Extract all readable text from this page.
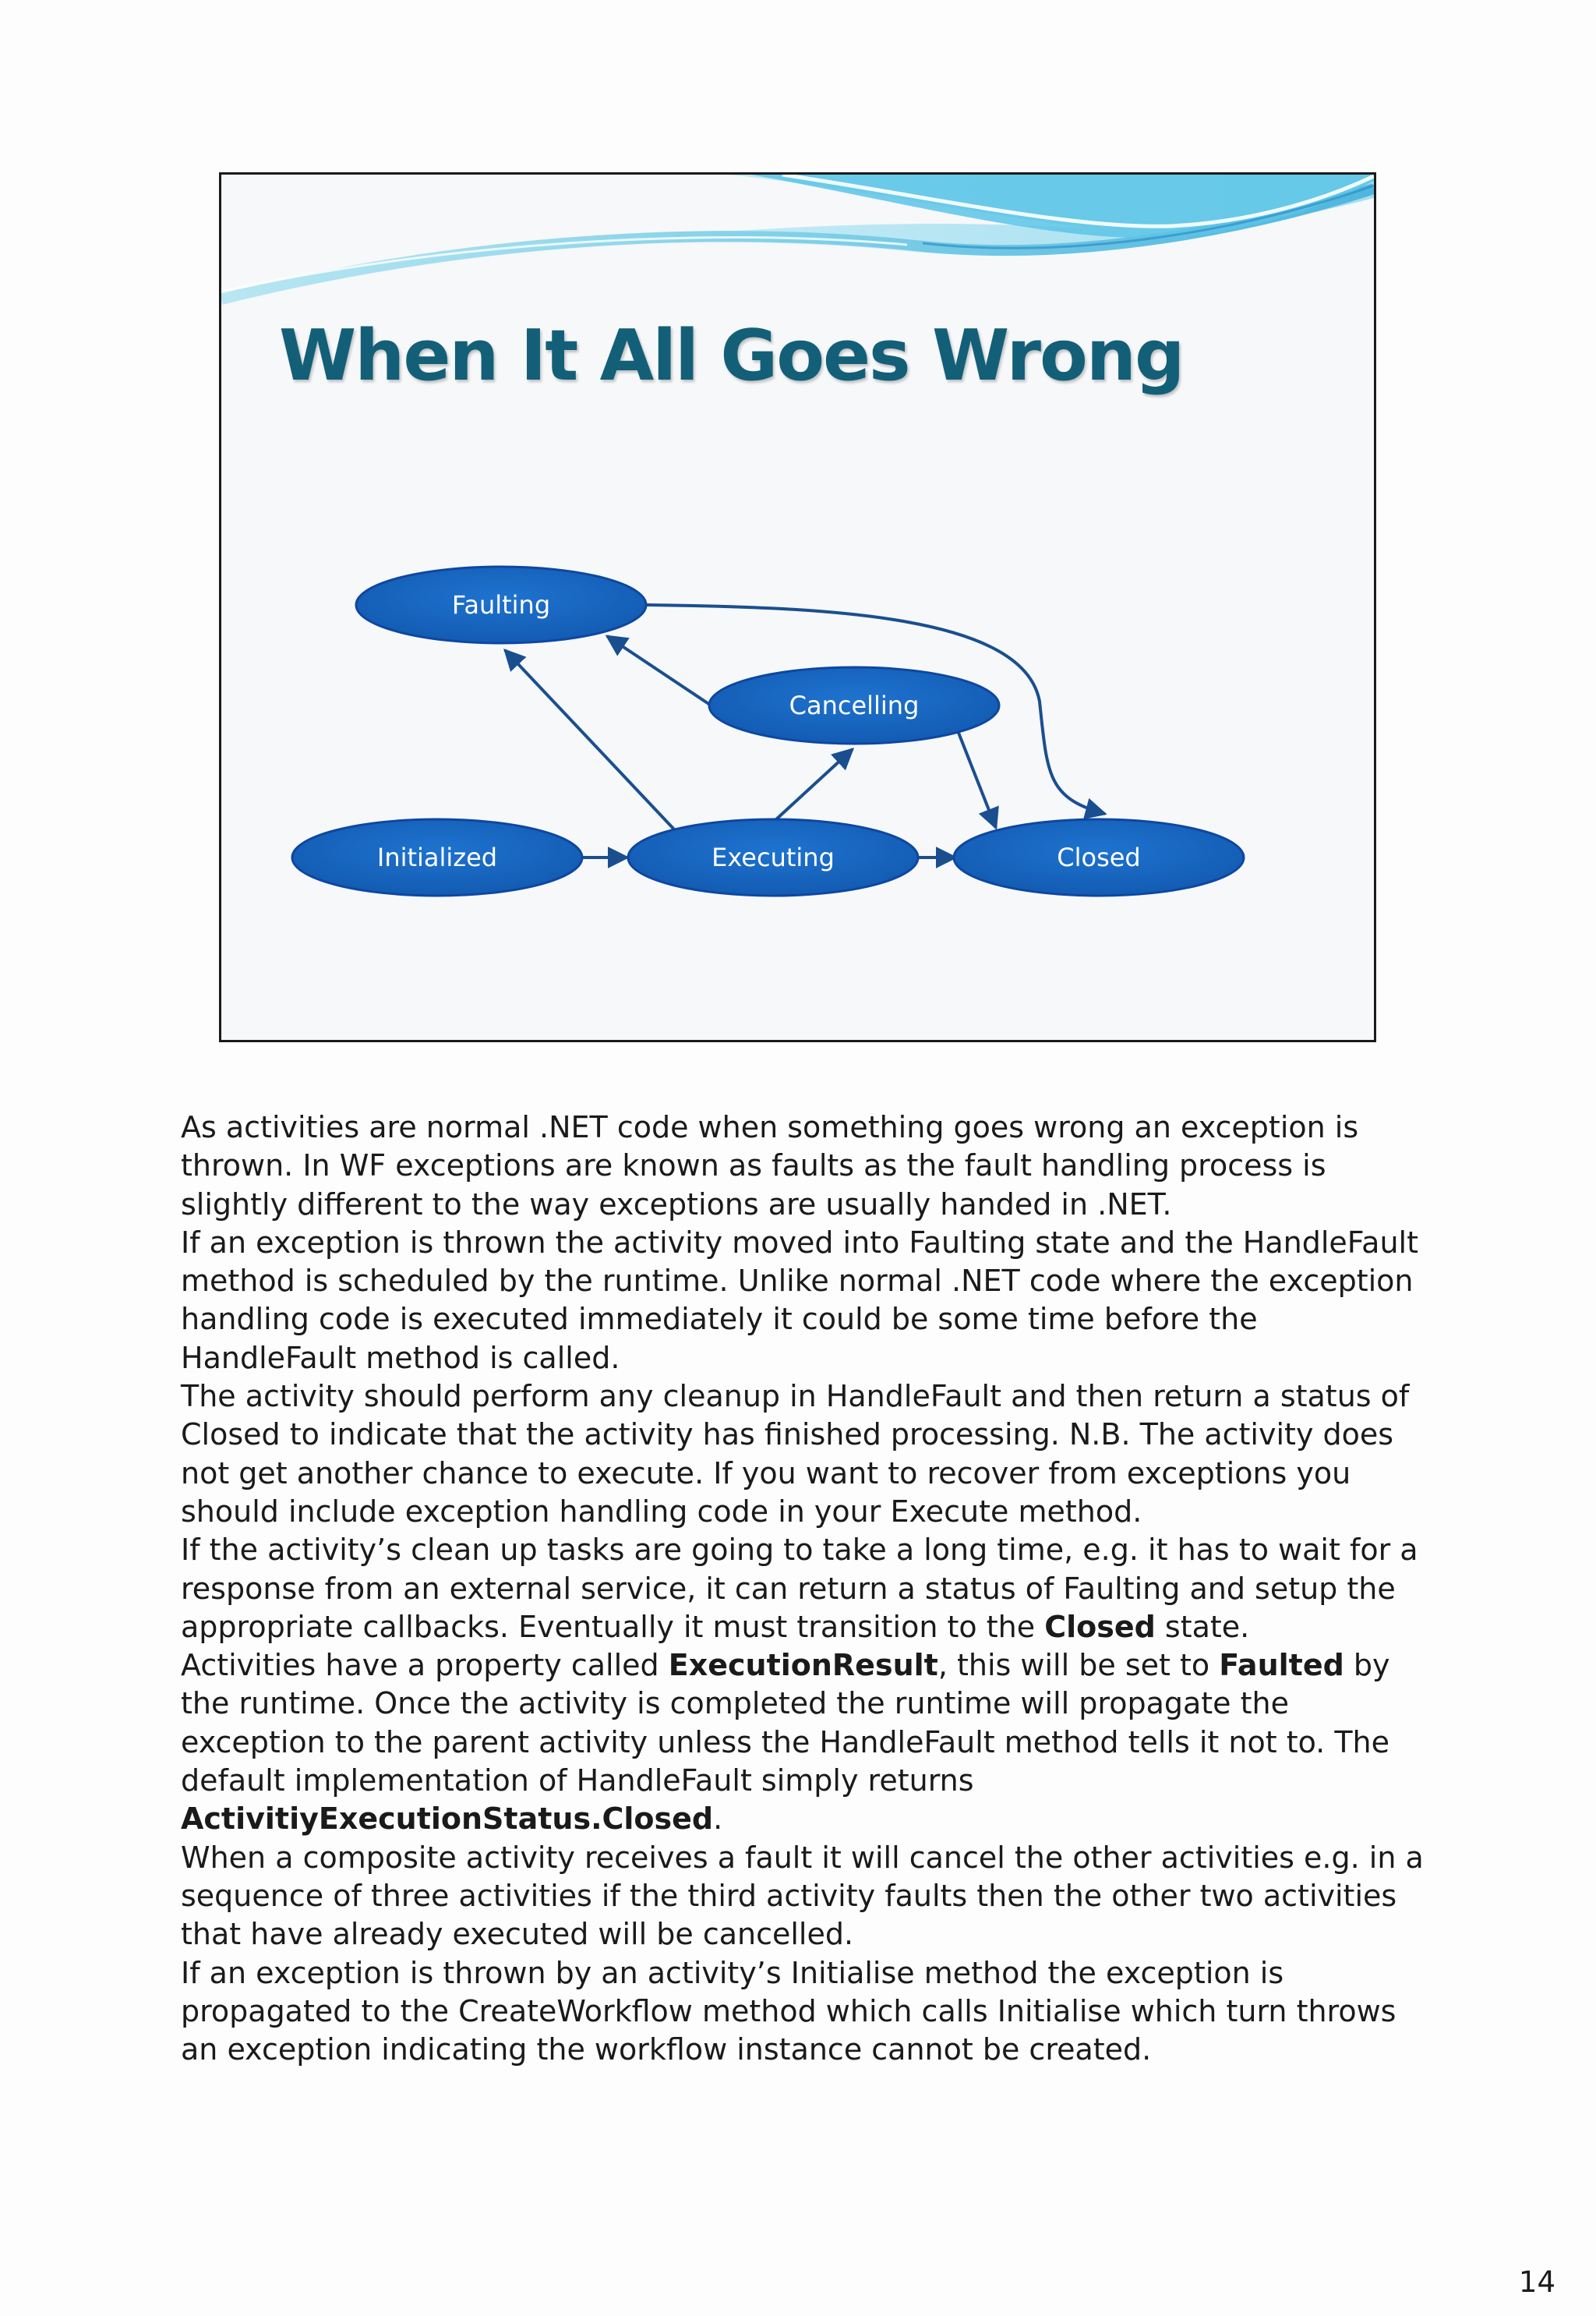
When It All Goes Wrong
Faulting
Cancelling
Initialized	Executing	Closed

As activities are normal .NET code when something goes wrong an exception is thrown. In WF exceptions are known as faults as the fault handling process is slightly different to the way exceptions are usually handed in .NET.

If an exception is thrown the activity moved into Faulting state and the HandleFault method is scheduled by the runtime. Unlike normal .NET code where the exception handling code is executed immediately it could be some time before the HandleFault method is called.

The activity should perform any cleanup in HandleFault and then return a status of Closed to indicate that the activity has finished processing. N.B. The activity does not get another chance to execute. If you want to recover from exceptions you should include exception handling code in your Execute method.

If the activity’s clean up tasks are going to take a long time, e.g. it has to wait for a response from an external service, it can return a status of Faulting and setup the appropriate callbacks. Eventually it must transition to the Closed state.

Activities have a property called ExecutionResult, this will be set to Faulted by the runtime. Once the activity is completed the runtime will propagate the exception to the parent activity unless the HandleFault method tells it not to. The default implementation of HandleFault simply returns ActivitiyExecutionStatus.Closed.

When a composite activity receives a fault it will cancel the other activities e.g. in a sequence of three activities if the third activity faults then the other two activities that have already executed will be cancelled.

If an exception is thrown by an activity’s Initialise method the exception is propagated to the CreateWorkflow method which calls Initialise which turn throws an exception indicating the workflow instance cannot be created.

14
